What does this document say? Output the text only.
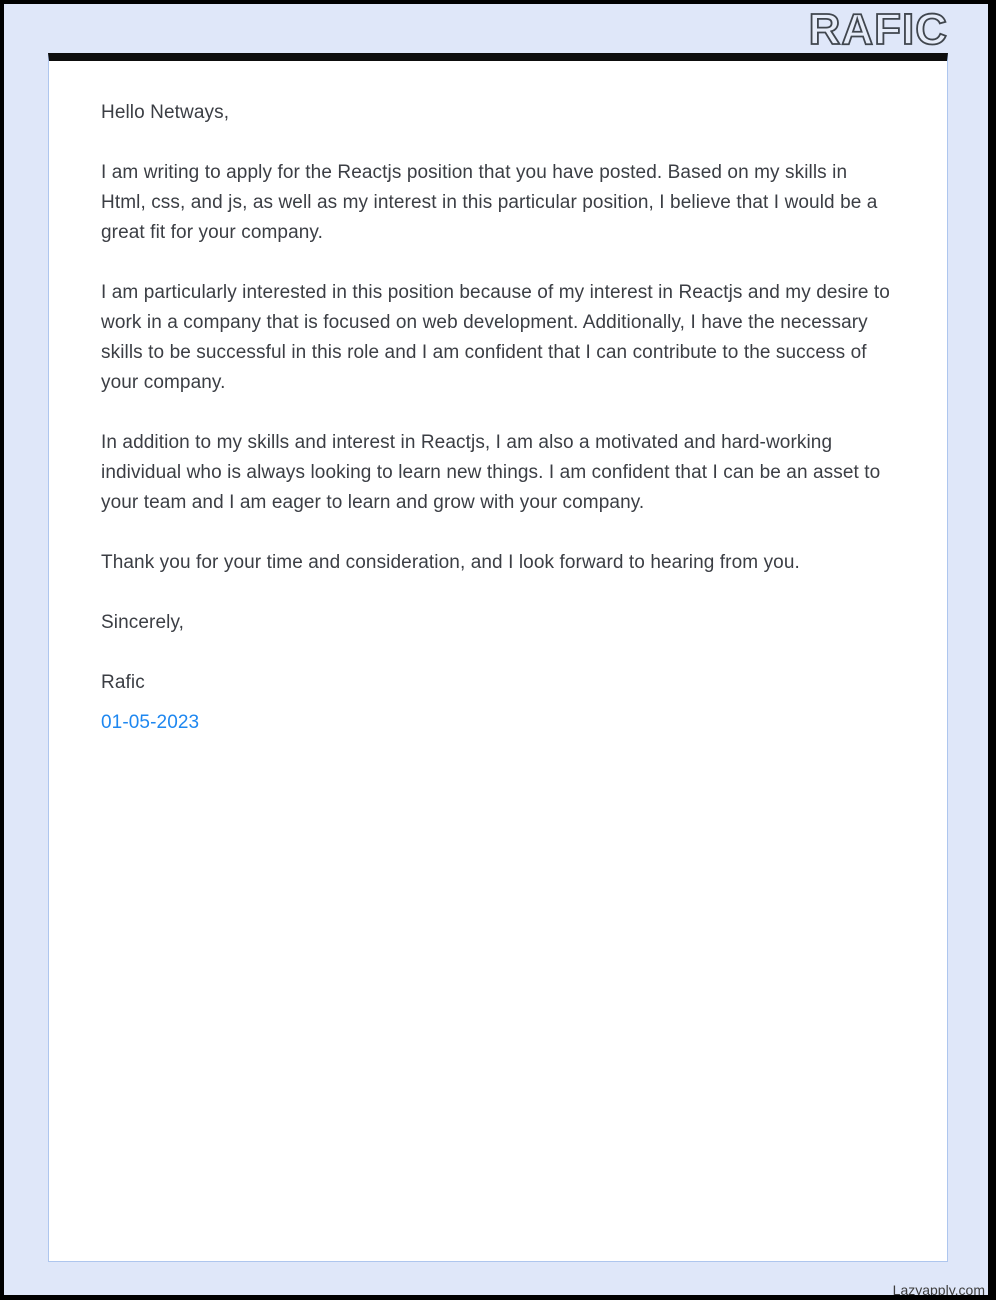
RAFIC

Hello Netways,

I am writing to apply for the Reactjs position that you have posted. Based on my skills in Html, css, and js, as well as my interest in this particular position, I believe that I would be a great fit for your company.

I am particularly interested in this position because of my interest in Reactjs and my desire to work in a company that is focused on web development. Additionally, I have the necessary skills to be successful in this role and I am confident that I can contribute to the success of your company.

In addition to my skills and interest in Reactjs, I am also a motivated and hard-working individual who is always looking to learn new things. I am confident that I can be an asset to your team and I am eager to learn and grow with your company.

Thank you for your time and consideration, and I look forward to hearing from you.

Sincerely,

Rafic

01-05-2023

Lazyapply.com
